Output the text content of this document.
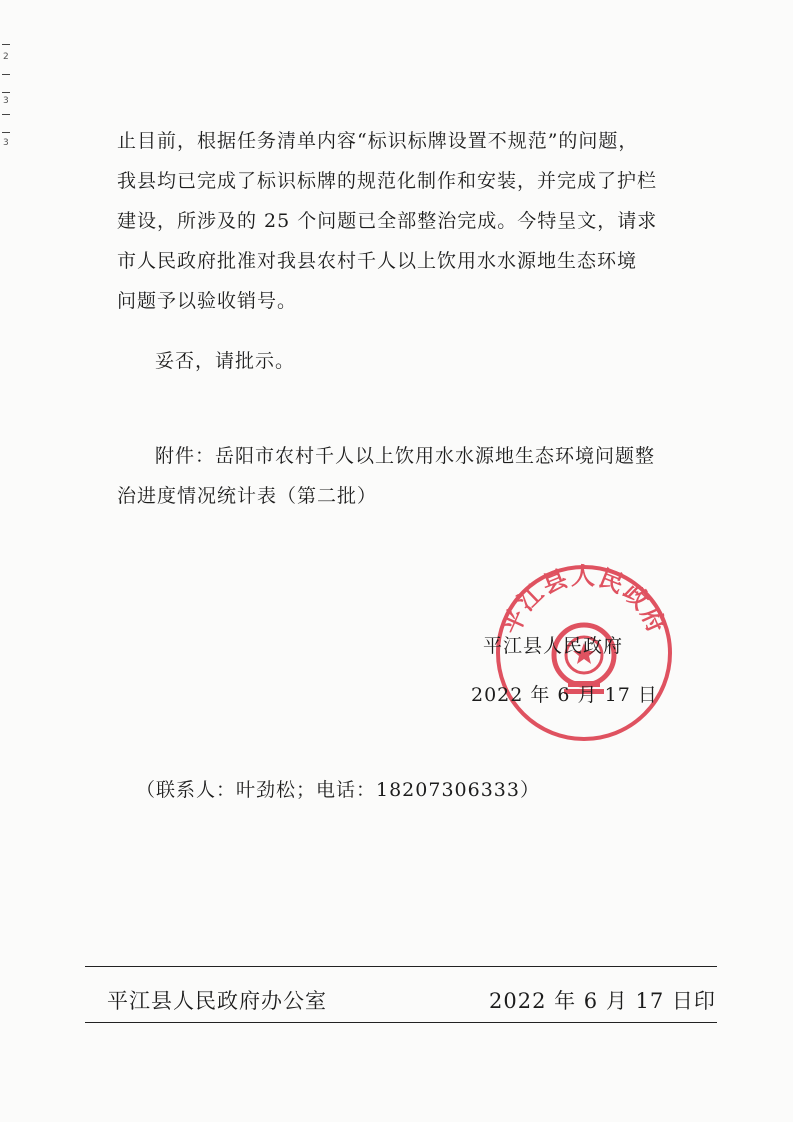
2
3
3	止目前，根据任务清单内容“标识标牌设置不规范”的问题，
我县均已完成了标识标牌的规范化制作和安装，并完成了护栏
建设，所涉及的 25 个问题已全部整治完成。今特呈文，请求
市人民政府批准对我县农村千人以上饮用水水源地生态环境
问题予以验收销号。

妥否，请批示。

附件：岳阳市农村千人以上饮用水水源地生态环境问题整
治进度情况统计表（第二批）

平江县人民政府
平江县人民政府
2022 年 6 月 17 日
（联系人：叶劲松；电话：18207306333）
平江县人民政府办公室	2022 年 6 月 17 日印
